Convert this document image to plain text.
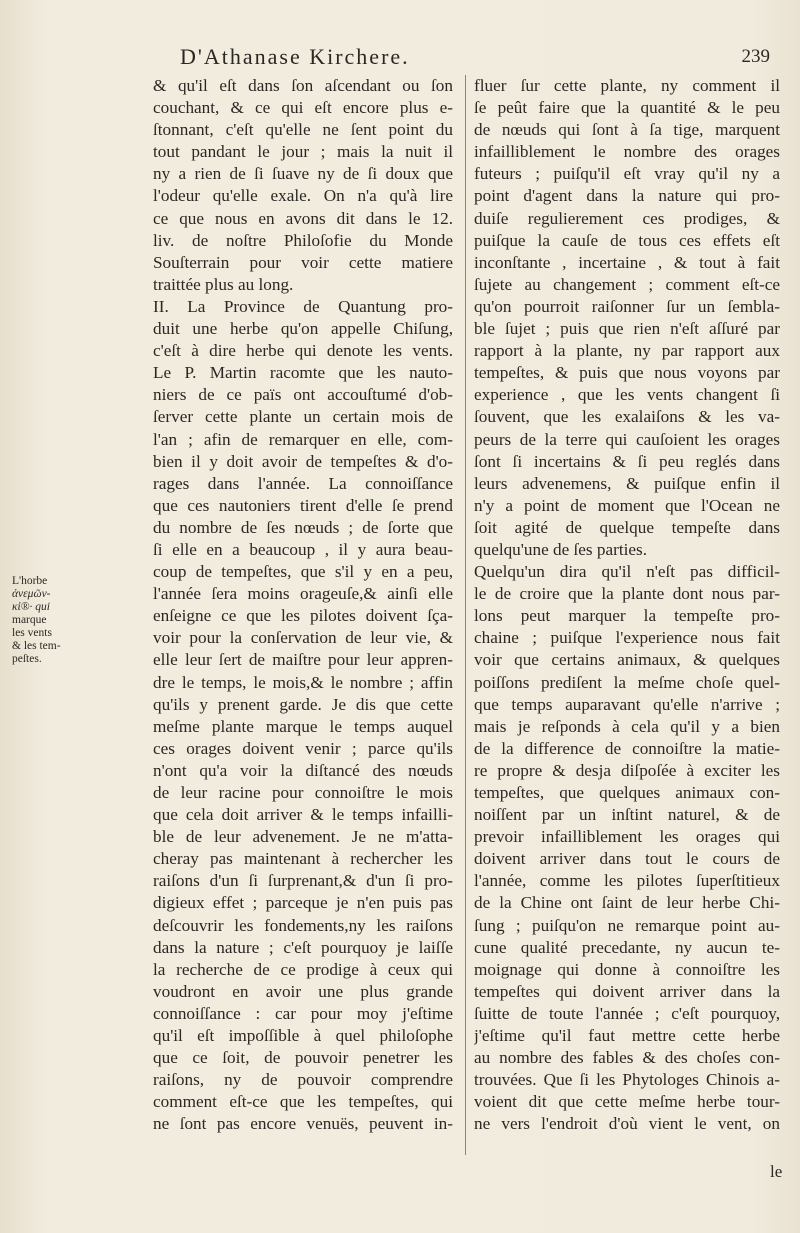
D'Athanase Kirchere.	239
L'horbe
ἀνεμῶν-
κἰ®· qui
marque
les vents
& les tem-
peſtes.
& qu'il eſt dans ſon aſcendant ou ſon
couchant, & ce qui eſt encore plus e-
ſtonnant, c'eſt qu'elle ne ſent point du
tout pandant le jour ; mais la nuit il
ny a rien de ſi ſuave ny de ſi doux que
l'odeur qu'elle exale. On n'a qu'à lire
ce que nous en avons dit dans le 12.
liv. de noſtre Philoſofie du Monde
Souſterrain pour voir cette matiere
traittée plus au long.
II. La Province de Quantung pro-
duit une herbe qu'on appelle Chiſung,
c'eſt à dire herbe qui denote les vents.
Le P. Martin racomte que les nauto-
niers de ce païs ont accouſtumé d'ob-
ſerver cette plante un certain mois de
l'an ; afin de remarquer en elle, com-
bien il y doit avoir de tempeſtes & d'o-
rages dans l'année. La connoiſſance
que ces nautoniers tirent d'elle ſe prend
du nombre de ſes nœuds ; de ſorte que
ſi elle en a beaucoup , il y aura beau-
coup de tempeſtes, que s'il y en a peu,
l'année ſera moins orageuſe,& ainſi elle
enſeigne ce que les pilotes doivent ſça-
voir pour la conſervation de leur vie, &
elle leur ſert de maiſtre pour leur appren-
dre le temps, le mois,& le nombre ; affin
qu'ils y prenent garde. Je dis que cette
meſme plante marque le temps auquel
ces orages doivent venir ; parce qu'ils
n'ont qu'a voir la diſtancé des nœuds
de leur racine pour connoiſtre le mois
que cela doit arriver & le temps infailli-
ble de leur advenement. Je ne m'atta-
cheray pas maintenant à rechercher les
raiſons d'un ſi ſurprenant,& d'un ſi pro-
digieux effet ; parceque je n'en puis pas
deſcouvrir les fondements,ny les raiſons
dans la nature ; c'eſt pourquoy je laiſſe
la recherche de ce prodige à ceux qui
voudront en avoir une plus grande
connoiſſance : car pour moy j'eſtime
qu'il eſt impoſſible à quel philoſophe
que ce ſoit, de pouvoir penetrer les
raiſons, ny de pouvoir comprendre
comment eſt-ce que les tempeſtes, qui
ne ſont pas encore venuës, peuvent in-
fluer ſur cette plante, ny comment il
ſe peût faire que la quantité & le peu
de nœuds qui ſont à ſa tige, marquent
infailliblement le nombre des orages
futeurs ; puiſqu'il eſt vray qu'il ny a
point d'agent dans la nature qui pro-
duiſe regulierement ces prodiges, &
puiſque la cauſe de tous ces effets eſt
inconſtante , incertaine , & tout à fait
ſujete au changement ; comment eſt-ce
qu'on pourroit raiſonner ſur un ſembla-
ble ſujet ; puis que rien n'eſt aſſuré par
rapport à la plante, ny par rapport aux
tempeſtes, & puis que nous voyons par
experience , que les vents changent ſi
ſouvent, que les exalaiſons & les va-
peurs de la terre qui cauſoient les orages
ſont ſi incertains & ſi peu reglés dans
leurs advenemens, & puiſque enfin il
n'y a point de moment que l'Ocean ne
ſoit agité de quelque tempeſte dans
quelqu'une de ſes parties.
Quelqu'un dira qu'il n'eſt pas difficil-
le de croire que la plante dont nous par-
lons peut marquer la tempeſte pro-
chaine ; puiſque l'experience nous fait
voir que certains animaux, & quelques
poiſſons prediſent la meſme choſe quel-
que temps auparavant qu'elle n'arrive ;
mais je reſponds à cela qu'il y a bien
de la difference de connoiſtre la matie-
re propre & desja diſpoſée à exciter les
tempeſtes, que quelques animaux con-
noiſſent par un inſtint naturel, & de
prevoir infailliblement les orages qui
doivent arriver dans tout le cours de
l'année, comme les pilotes ſuperſtitieux
de la Chine ont ſaint de leur herbe Chi-
ſung ; puiſqu'on ne remarque point au-
cune qualité precedante, ny aucun te-
moignage qui donne à connoiſtre les
tempeſtes qui doivent arriver dans la
ſuitte de toute l'année ; c'eſt pourquoy,
j'eſtime qu'il faut mettre cette herbe
au nombre des fables & des choſes con-
trouvées. Que ſi les Phytologes Chinois a-
voient dit que cette meſme herbe tour-
ne vers l'endroit d'où vient le vent, on
le
